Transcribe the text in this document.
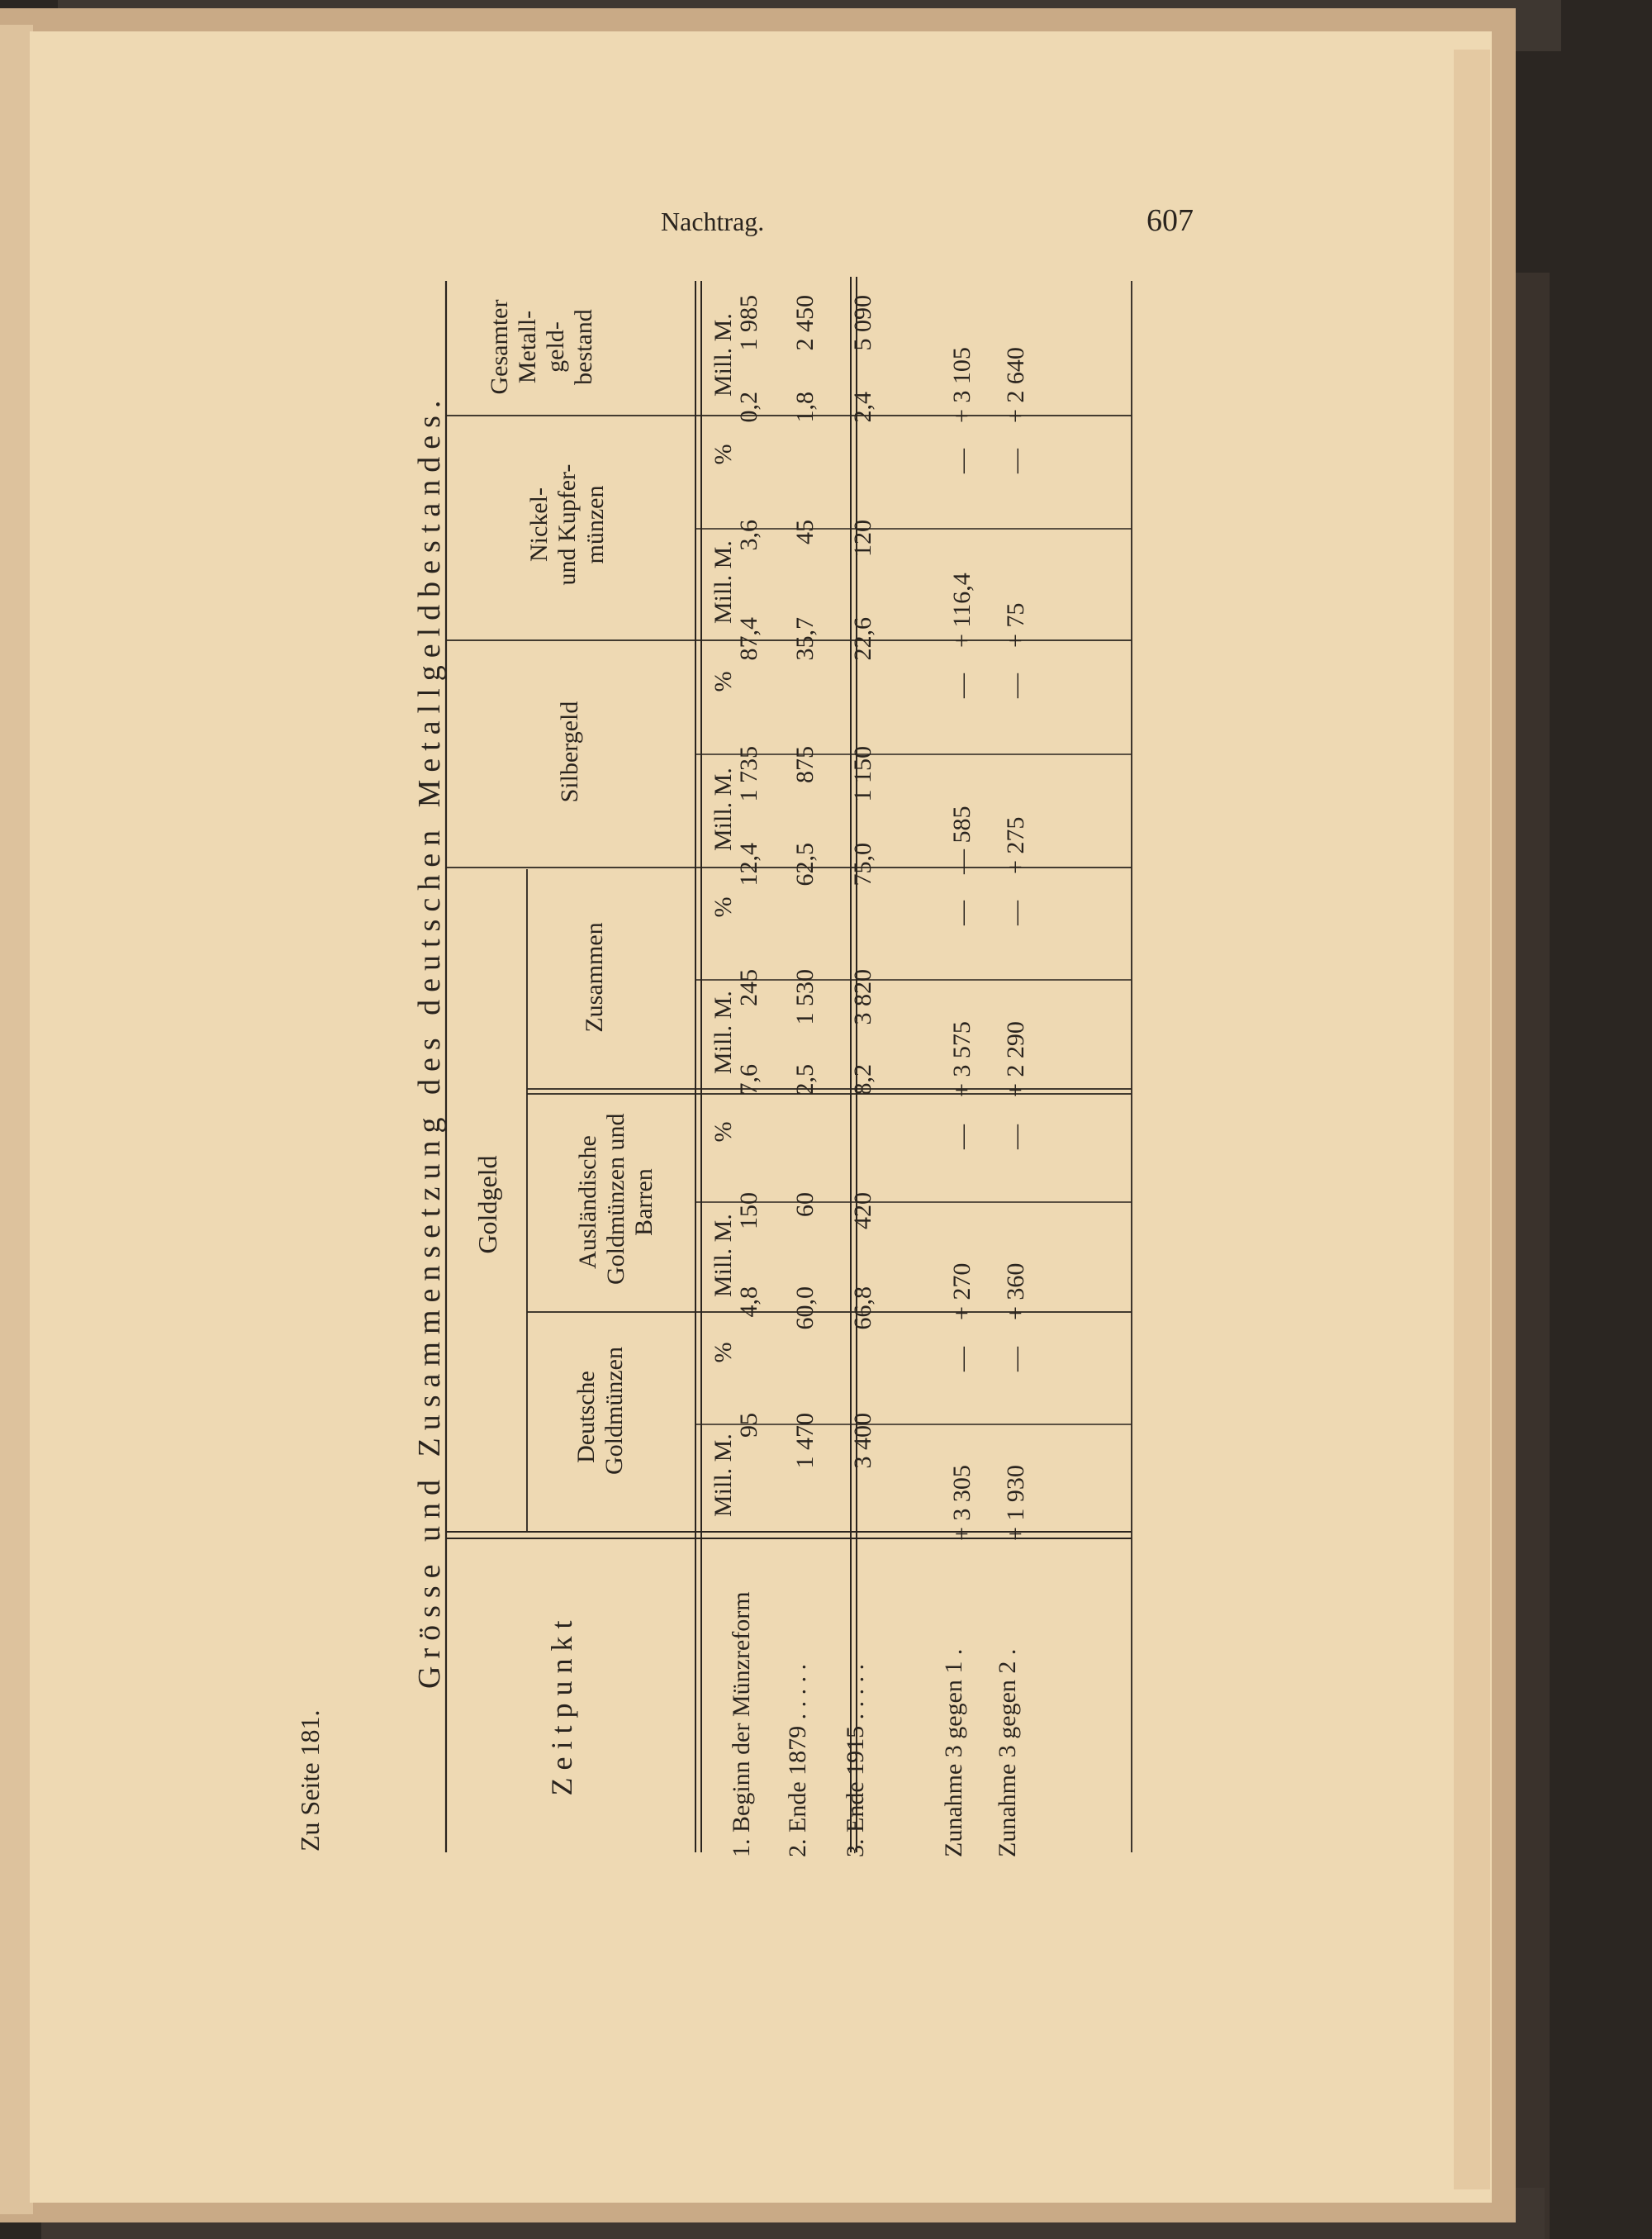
Nachtrag.	607
Zu Seite 181.
Grösse und Zusammensetzung des deutschen Metallgeldbestandes.
Zeitpunkt
Goldgeld
Deutsche Goldmünzen
Ausländische Goldmünzen und Barren
Zusammen
Silbergeld
Nickel- und Kupfer- münzen
Gesamter Metall- geld- bestand
Mill. M.
%
Mill. M.
%
Mill. M.
%
Mill. M.
%
Mill. M.
%
Mill. M.
1. Beginn der Münzreform
95
4,8
150
7,6
245
12,4
1 735
87,4
3,6
0,2
1 985
2. Ende 1879 . . . . .
1 470
60,0
60
2,5
1 530
62,5
875
35,7
45
1,8
2 450
3. Ende 1915 . . . . .
3 400
66,8
420
8,2
3 820
75,0
1 150
22,6
120
2,4
5 090
Zunahme 3 gegen 1 .
+ 3 305
—
+ 270
—
+ 3 575
—
— 585
—
+ 116,4
—
+ 3 105
Zunahme 3 gegen 2 .
+ 1 930
—
+ 360
—
+ 2 290
—
+ 275
—
+ 75
—
+ 2 640
